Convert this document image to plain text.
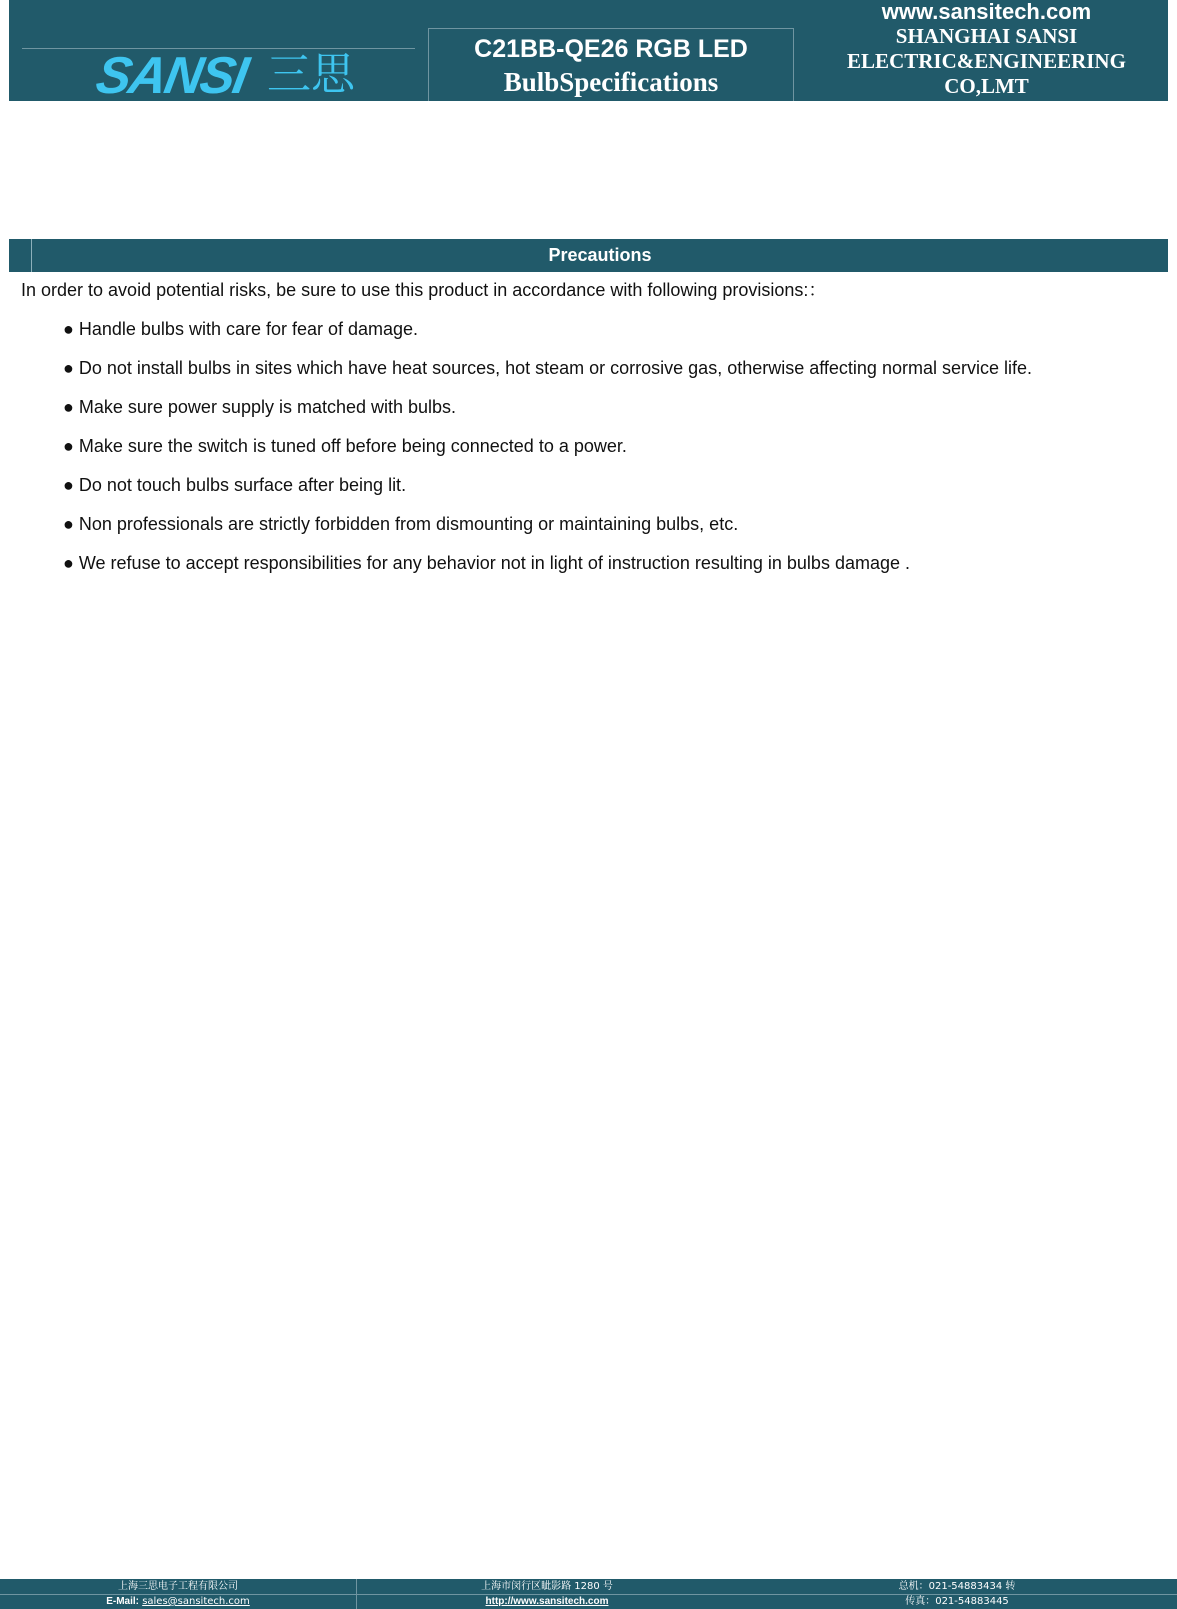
SANSI 三思	C21BB-QE26 RGB LED
BulbSpecifications
www.sansitech.com
SHANGHAI SANSI ELECTRIC&ENGINEERING CO,LMT
Precautions
In order to avoid potential risks, be sure to use this product in accordance with following provisions:：
● Handle bulbs with care for fear of damage.
● Do not install bulbs in sites which have heat sources, hot steam or corrosive gas, otherwise affecting normal service life.
● Make sure power supply is matched with bulbs.
● Make sure the switch is tuned off before being connected to a power.
● Do not touch bulbs surface after being lit.
● Non professionals are strictly forbidden from dismounting or maintaining bulbs, etc.
● We refuse to accept responsibilities for any behavior not in light of instruction resulting in bulbs damage .
上海三思电子工程有限公司
E-Mail: sales@sansitech.com
上海市闵行区眦影路 1280 号
http://www.sansitech.com
总机：021-54883434 转
传真：021-54883445
